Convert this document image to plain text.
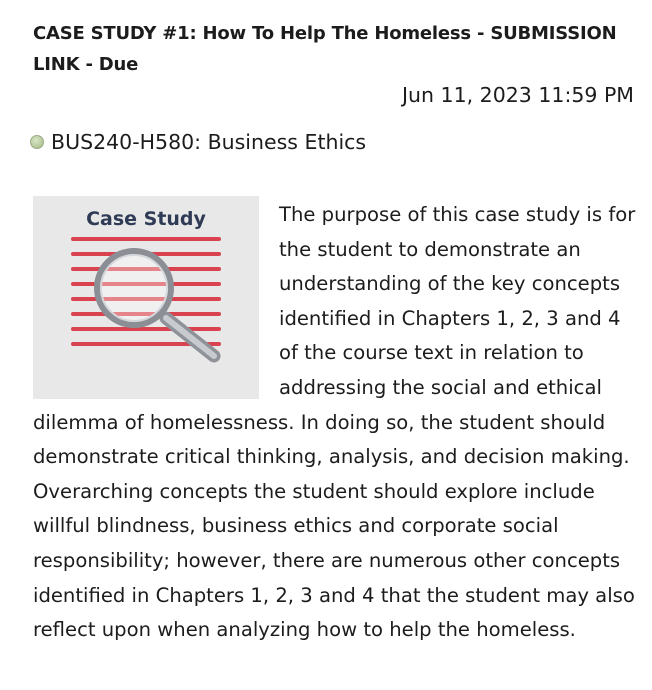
CASE STUDY #1: How To Help The Homeless - SUBMISSION LINK - Due
Jun 11, 2023 11:59 PM
BUS240-H580: Business Ethics
Case Study	The purpose of this case study is for the student to demonstrate an understanding of the key concepts identified in Chapters 1, 2, 3 and 4 of the course text in relation to addressing the social and ethical dilemma of homelessness. In doing so, the student should demonstrate critical thinking, analysis, and decision making. Overarching concepts the student should explore include willful blindness, business ethics and corporate social responsibility; however, there are numerous other concepts identified in Chapters 1, 2, 3 and 4 that the student may also reflect upon when analyzing how to help the homeless.
